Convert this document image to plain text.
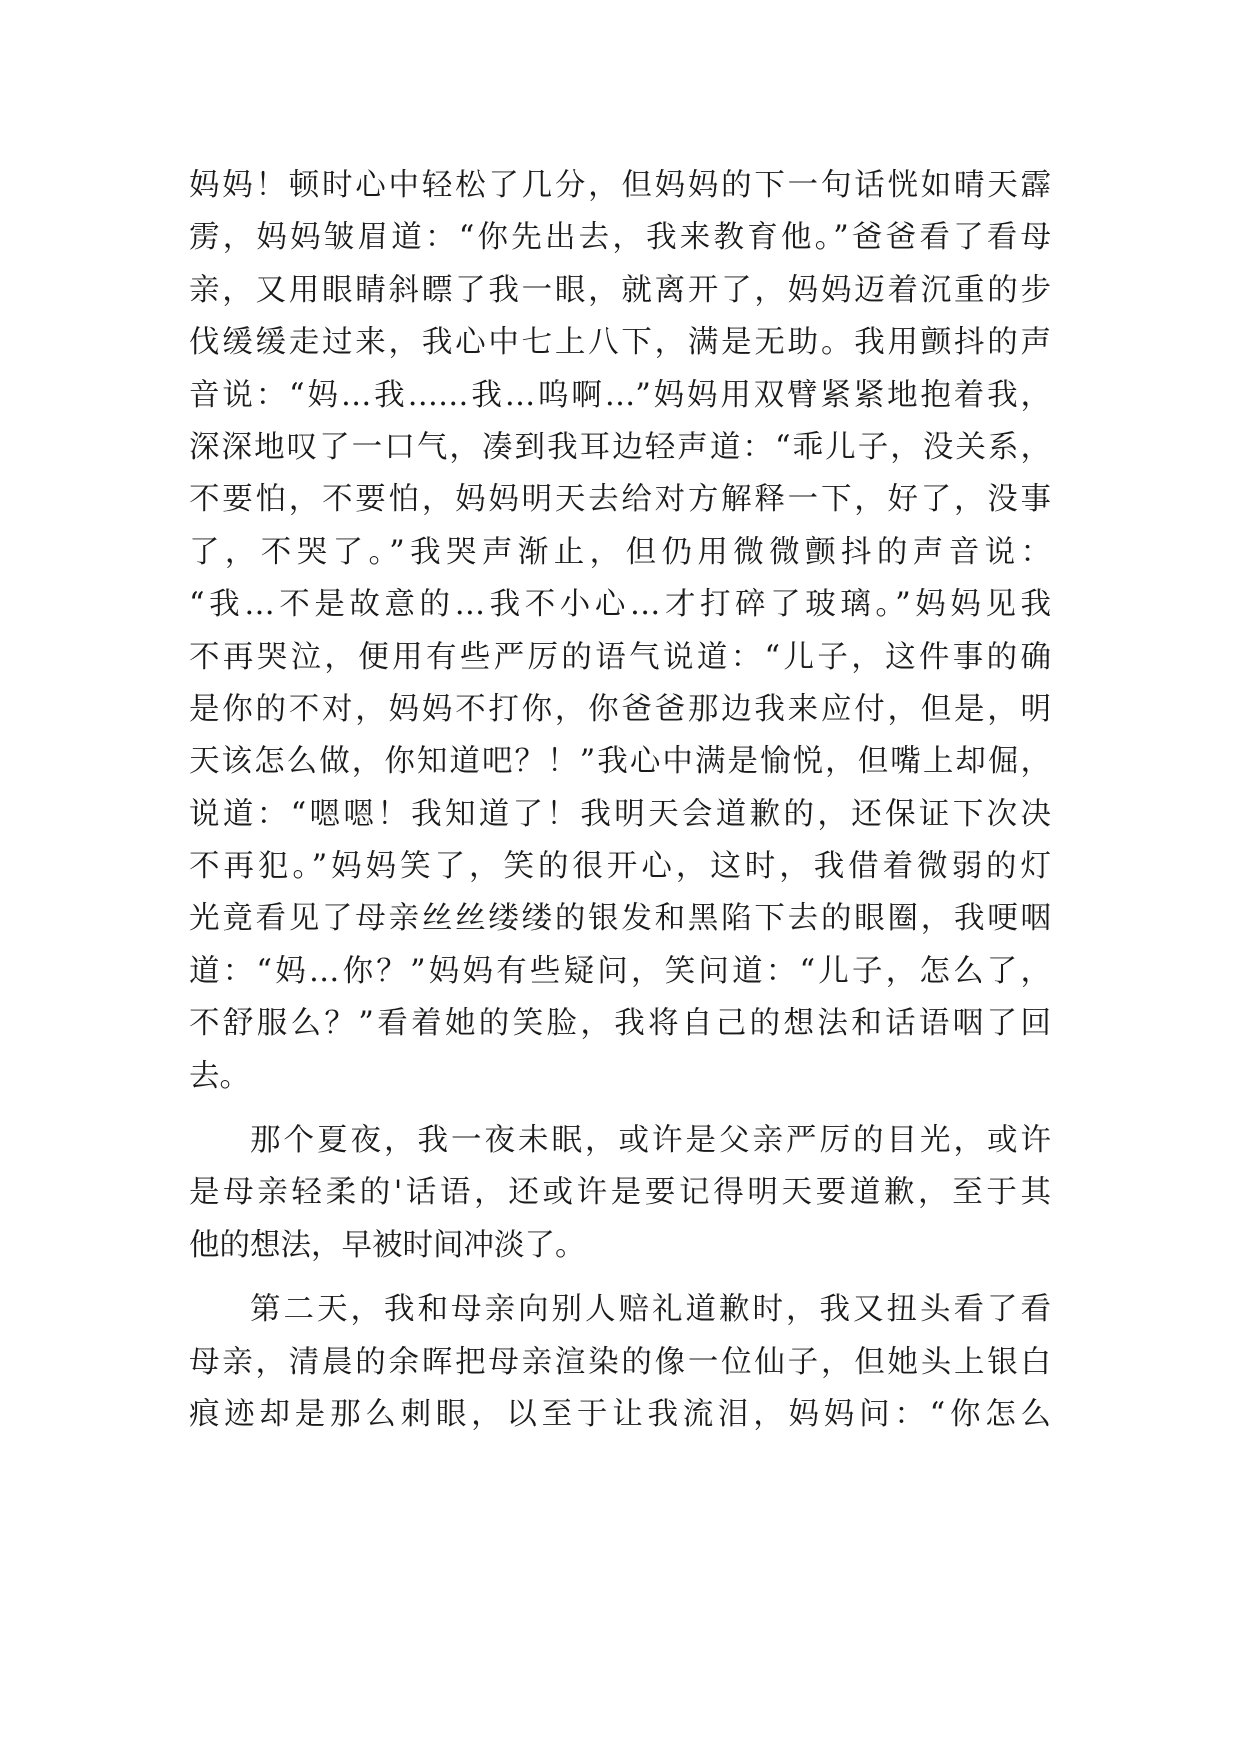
妈妈！顿时心中轻松了几分，但妈妈的下一句话恍如晴天霹
雳，妈妈皱眉道：“你先出去，我来教育他。”爸爸看了看母
亲，又用眼睛斜瞟了我一眼，就离开了，妈妈迈着沉重的步
伐缓缓走过来，我心中七上八下，满是无助。我用颤抖的声
音说：“妈…我……我…呜啊…”妈妈用双臂紧紧地抱着我，
深深地叹了一口气，凑到我耳边轻声道：“乖儿子，没关系，
不要怕，不要怕，妈妈明天去给对方解释一下，好了，没事
了，不哭了。”我哭声渐止，但仍用微微颤抖的声音说：
“我…不是故意的…我不小心…才打碎了玻璃。”妈妈见我
不再哭泣，便用有些严厉的语气说道：“儿子，这件事的确
是你的不对，妈妈不打你，你爸爸那边我来应付，但是，明
天该怎么做，你知道吧？！”我心中满是愉悦，但嘴上却倔，
说道：“嗯嗯！我知道了！我明天会道歉的，还保证下次决
不再犯。”妈妈笑了，笑的很开心，这时，我借着微弱的灯
光竟看见了母亲丝丝缕缕的银发和黑陷下去的眼圈，我哽咽
道：“妈…你？”妈妈有些疑问，笑问道：“儿子，怎么了，
不舒服么？”看着她的笑脸，我将自己的想法和话语咽了回
去。
那个夏夜，我一夜未眠，或许是父亲严厉的目光，或许
是母亲轻柔的'话语，还或许是要记得明天要道歉，至于其
他的想法，早被时间冲淡了。
第二天，我和母亲向别人赔礼道歉时，我又扭头看了看
母亲，清晨的余晖把母亲渲染的像一位仙子，但她头上银白
痕迹却是那么刺眼，以至于让我流泪，妈妈问：“你怎么
